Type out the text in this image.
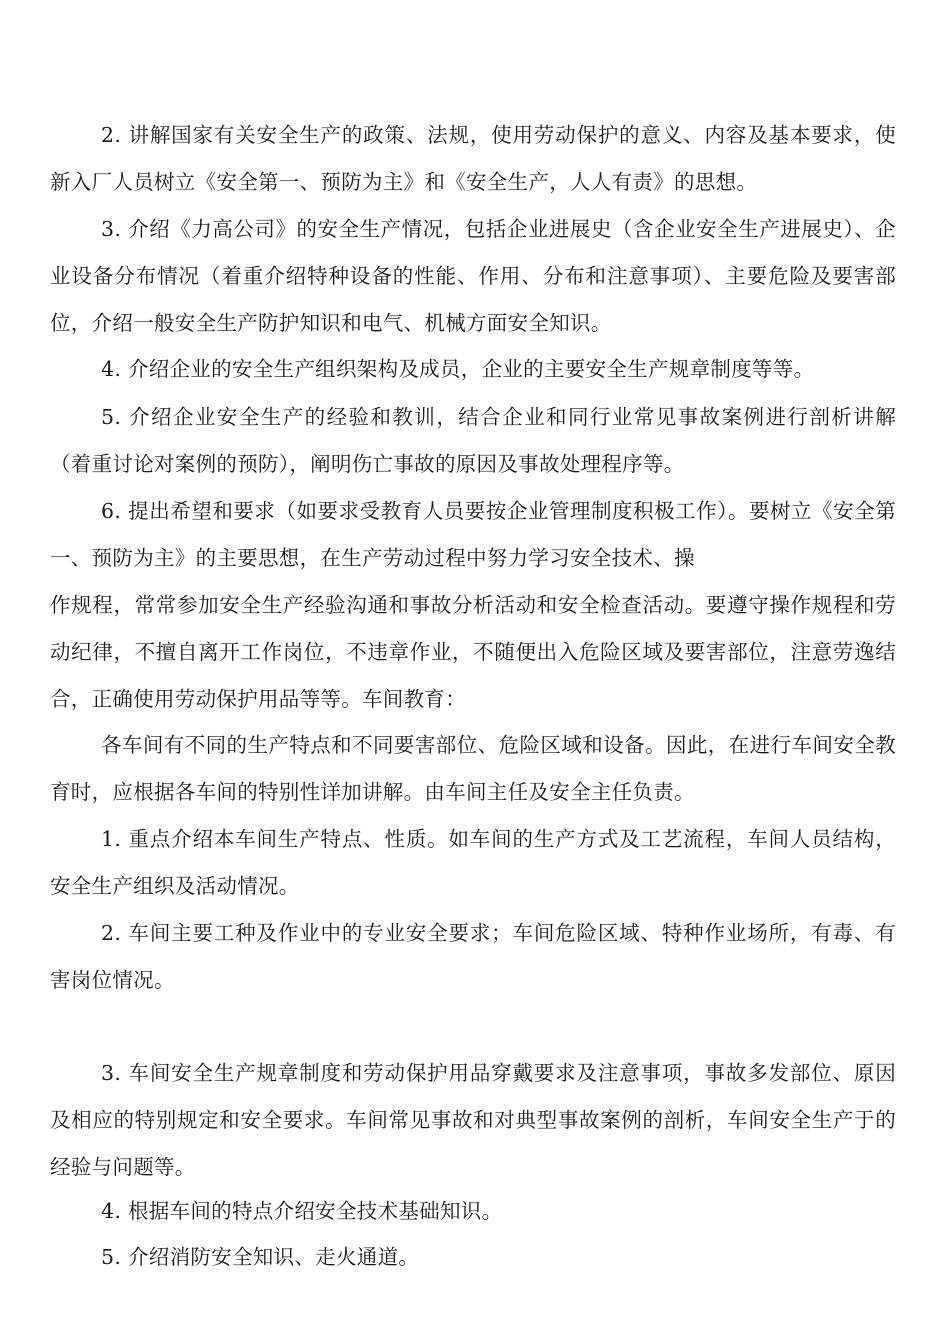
2. 讲解国家有关安全生产的政策、法规，使用劳动保护的意义、内容及基本要求，使新入厂人员树立《安全第一、预防为主》和《安全生产，人人有责》的思想。

3. 介绍《力高公司》的安全生产情况，包括企业进展史（含企业安全生产进展史）、企业设备分布情况（着重介绍特种设备的性能、作用、分布和注意事项）、主要危险及要害部位，介绍一般安全生产防护知识和电气、机械方面安全知识。

4. 介绍企业的安全生产组织架构及成员，企业的主要安全生产规章制度等等。

5. 介绍企业安全生产的经验和教训，结合企业和同行业常见事故案例进行剖析讲解（着重讨论对案例的预防），阐明伤亡事故的原因及事故处理程序等。

6. 提出希望和要求（如要求受教育人员要按企业管理制度积极工作）。要树立《安全第一、预防为主》的主要思想，在生产劳动过程中努力学习安全技术、操

作规程，常常参加安全生产经验沟通和事故分析活动和安全检查活动。要遵守操作规程和劳动纪律，不擅自离开工作岗位，不违章作业，不随便出入危险区域及要害部位，注意劳逸结合，正确使用劳动保护用品等等。车间教育：

各车间有不同的生产特点和不同要害部位、危险区域和设备。因此，在进行车间安全教育时，应根据各车间的特别性详加讲解。由车间主任及安全主任负责。

1. 重点介绍本车间生产特点、性质。如车间的生产方式及工艺流程，车间人员结构，安全生产组织及活动情况。

2. 车间主要工种及作业中的专业安全要求；车间危险区域、特种作业场所，有毒、有害岗位情况。

3. 车间安全生产规章制度和劳动保护用品穿戴要求及注意事项，事故多发部位、原因及相应的特别规定和安全要求。车间常见事故和对典型事故案例的剖析，车间安全生产于的经验与问题等。

4. 根据车间的特点介绍安全技术基础知识。

5. 介绍消防安全知识、走火通道。
